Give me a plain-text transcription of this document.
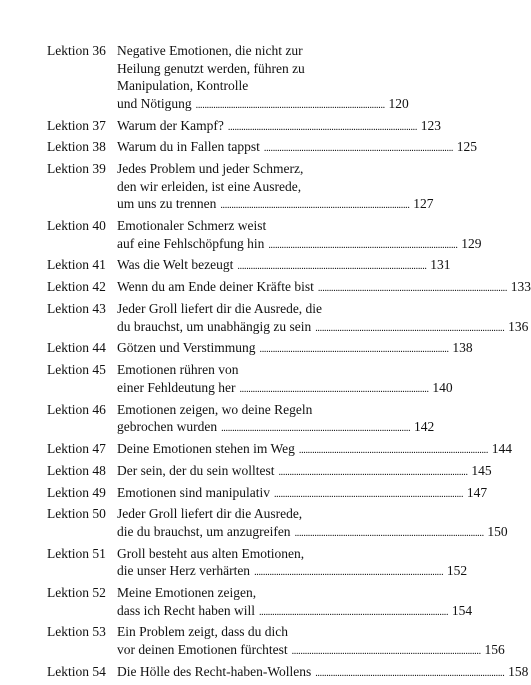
Lektion 36 Negative Emotionen, die nicht zur
Heilung genutzt werden, führen zu
Manipulation, Kontrolle
und Nötigung . . .	120
Lektion 37 Warum der Kampf? . . .	123
Lektion 38 Warum du in Fallen tappst . . .	125
Lektion 39 Jedes Problem und jeder Schmerz,
den wir erleiden, ist eine Ausrede,
um uns zu trennen . . .	127
Lektion 40 Emotionaler Schmerz weist
auf eine Fehlschöpfung hin . . .	129
Lektion 41 Was die Welt bezeugt . . .	131
Lektion 42 Wenn du am Ende deiner Kräfte bist . . .	133
Lektion 43 Jeder Groll liefert dir die Ausrede, die
du brauchst, um unabhängig zu sein . . .	136
Lektion 44 Götzen und Verstimmung . . .	138
Lektion 45 Emotionen rühren von
einer Fehldeutung her . . .	140
Lektion 46 Emotionen zeigen, wo deine Regeln
gebrochen wurden . . .	142
Lektion 47 Deine Emotionen stehen im Weg . . .	144
Lektion 48 Der sein, der du sein wolltest . . .	145
Lektion 49 Emotionen sind manipulativ . . .	147
Lektion 50 Jeder Groll liefert dir die Ausrede,
die du brauchst, um anzugreifen . . .	150
Lektion 51 Groll besteht aus alten Emotionen,
die unser Herz verhärten . . .	152
Lektion 52 Meine Emotionen zeigen,
dass ich Recht haben will . . .	154
Lektion 53 Ein Problem zeigt, dass du dich
vor deinen Emotionen fürchtest . . .	156
Lektion 54 Die Hölle des Recht-haben-Wollens . . .	158
